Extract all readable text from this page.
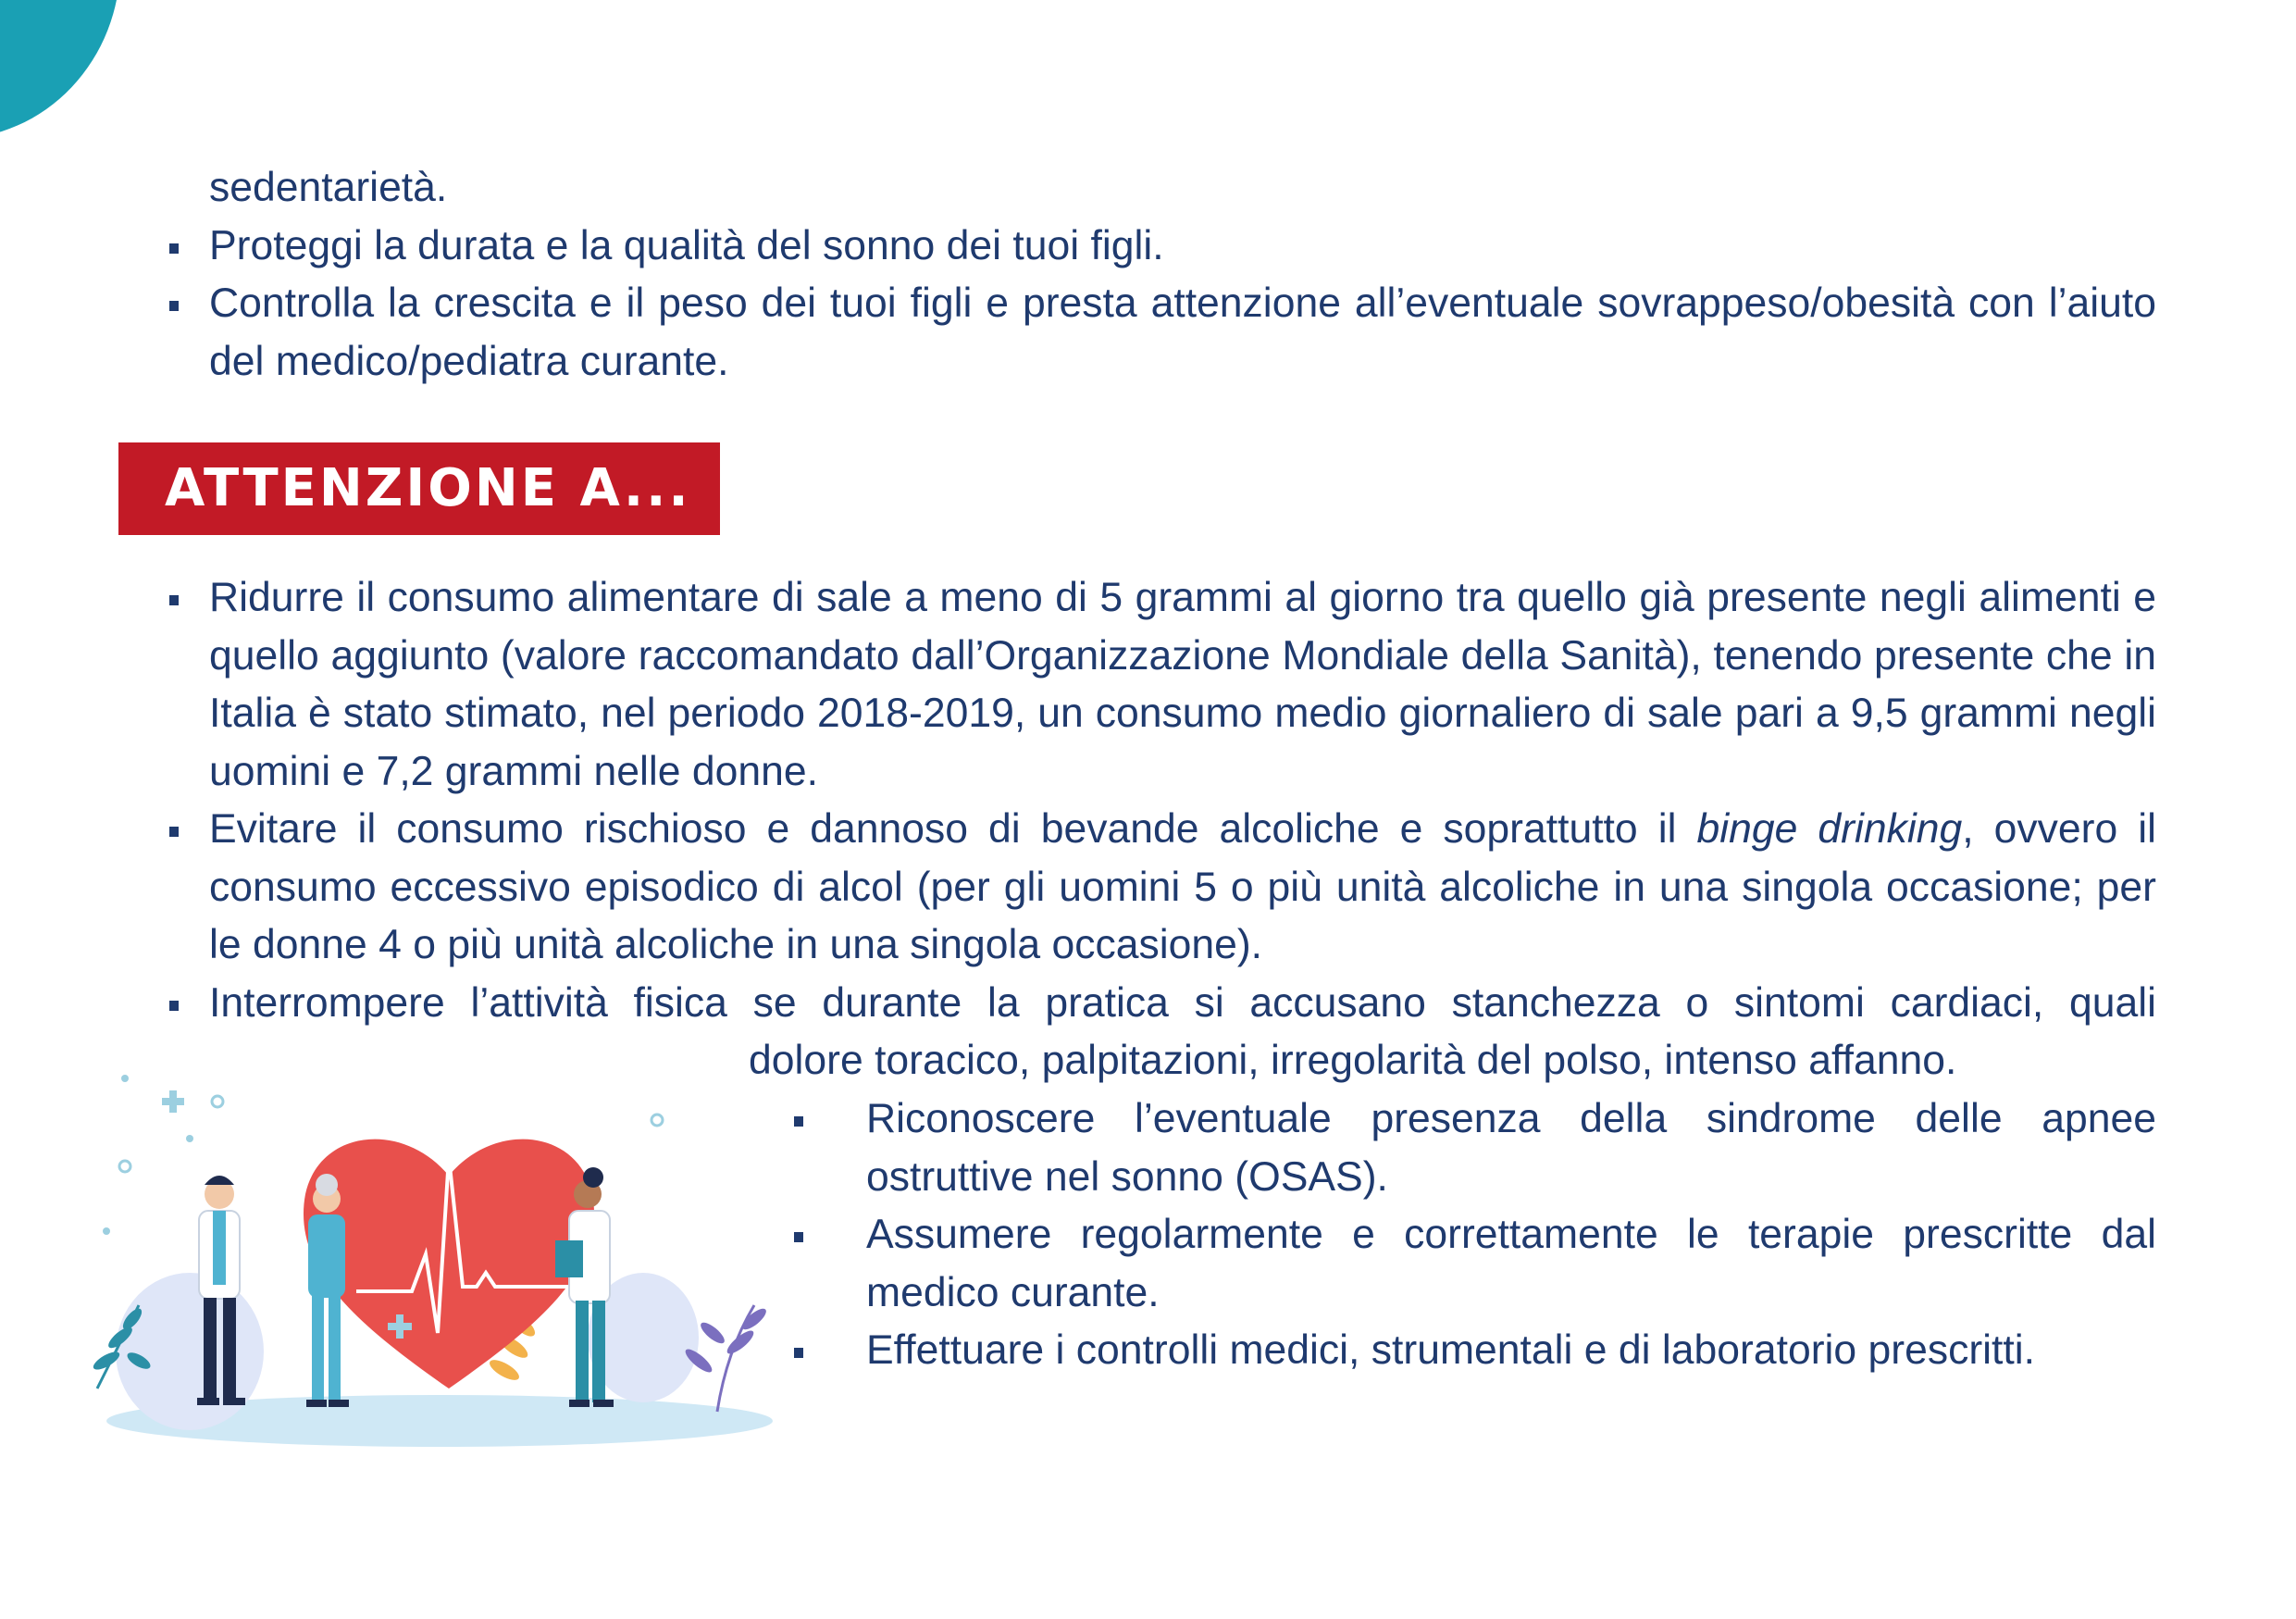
sedentarietà.

Proteggi la durata e la qualità del sonno dei tuoi figli.
Controlla la crescita e il peso dei tuoi figli e presta attenzione all’eventuale sovrappeso/obesità con l’aiuto del medico/pediatra curante.
ATTENZIONE A...
Ridurre il consumo alimentare di sale a meno di 5 grammi al giorno tra quello già presente negli alimenti e quello aggiunto (valore raccomandato dall’Organizzazione Mondiale della Sanità), tenendo presente che in Italia è stato stimato, nel periodo 2018-2019, un consumo medio giornaliero di sale pari a 9,5 grammi negli uomini e 7,2 grammi nelle donne.
Evitare il consumo rischioso e dannoso di bevande alcoliche e soprattutto il binge drinking, ovvero il consumo eccessivo episodico di alcol (per gli uomini 5 o più unità alcoliche in una singola occasione; per le donne 4 o più unità alcoliche in una singola occasione).
Interrompere l’attività fisica se durante la pratica si accusano stanchezza o sintomi cardiaci, quali
dolore toracico, palpitazioni, irregolarità del polso, intenso affanno.
Riconoscere l’eventuale presenza della sindrome delle apnee ostruttive nel sonno (OSAS).
Assumere regolarmente e correttamente le terapie prescritte dal medico curante.
Effettuare i controlli medici, strumentali e di laboratorio prescritti.
